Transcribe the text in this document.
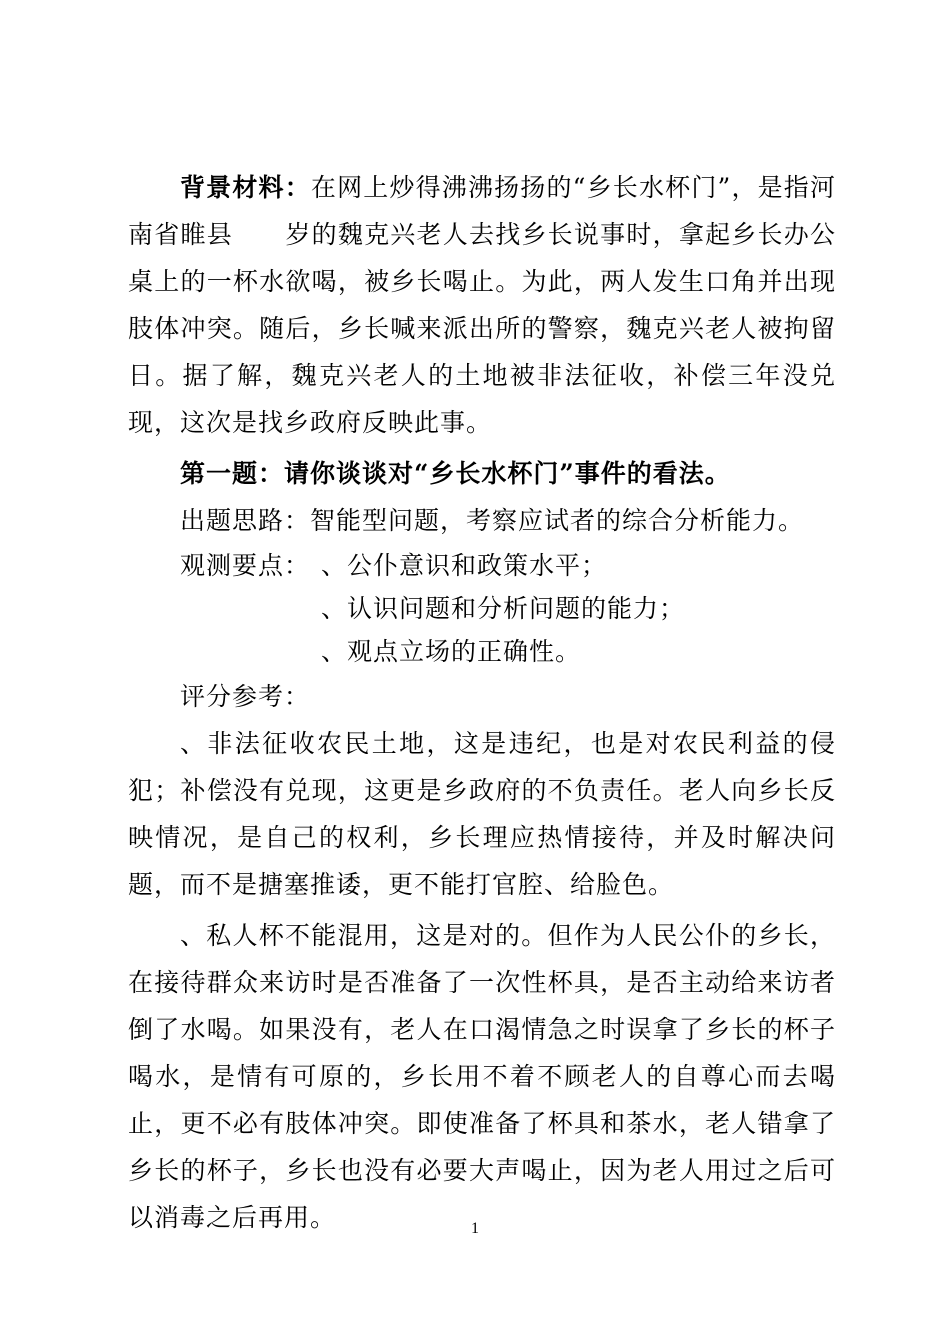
背景材料：在网上炒得沸沸扬扬的“乡长水杯门”，是指河南省睢县　　岁的魏克兴老人去找乡长说事时，拿起乡长办公桌上的一杯水欲喝，被乡长喝止。为此，两人发生口角并出现肢体冲突。随后，乡长喊来派出所的警察，魏克兴老人被拘留　日。据了解，魏克兴老人的土地被非法征收，补偿三年没兑现，这次是找乡政府反映此事。

第一题：请你谈谈对“乡长水杯门”事件的看法。

出题思路：智能型问题，考察应试者的综合分析能力。

观测要点： 、公仆意识和政策水平；
、认识问题和分析问题的能力；
、观点立场的正确性。

评分参考：

、非法征收农民土地，这是违纪，也是对农民利益的侵犯；补偿没有兑现，这更是乡政府的不负责任。老人向乡长反映情况，是自己的权利，乡长理应热情接待，并及时解决问题，而不是搪塞推诿，更不能打官腔、给脸色。

、私人杯不能混用，这是对的。但作为人民公仆的乡长，在接待群众来访时是否准备了一次性杯具，是否主动给来访者倒了水喝。如果没有，老人在口渴情急之时误拿了乡长的杯子喝水，是情有可原的，乡长用不着不顾老人的自尊心而去喝止，更不必有肢体冲突。即使准备了杯具和茶水，老人错拿了乡长的杯子，乡长也没有必要大声喝止，因为老人用过之后可以消毒之后再用。	1
